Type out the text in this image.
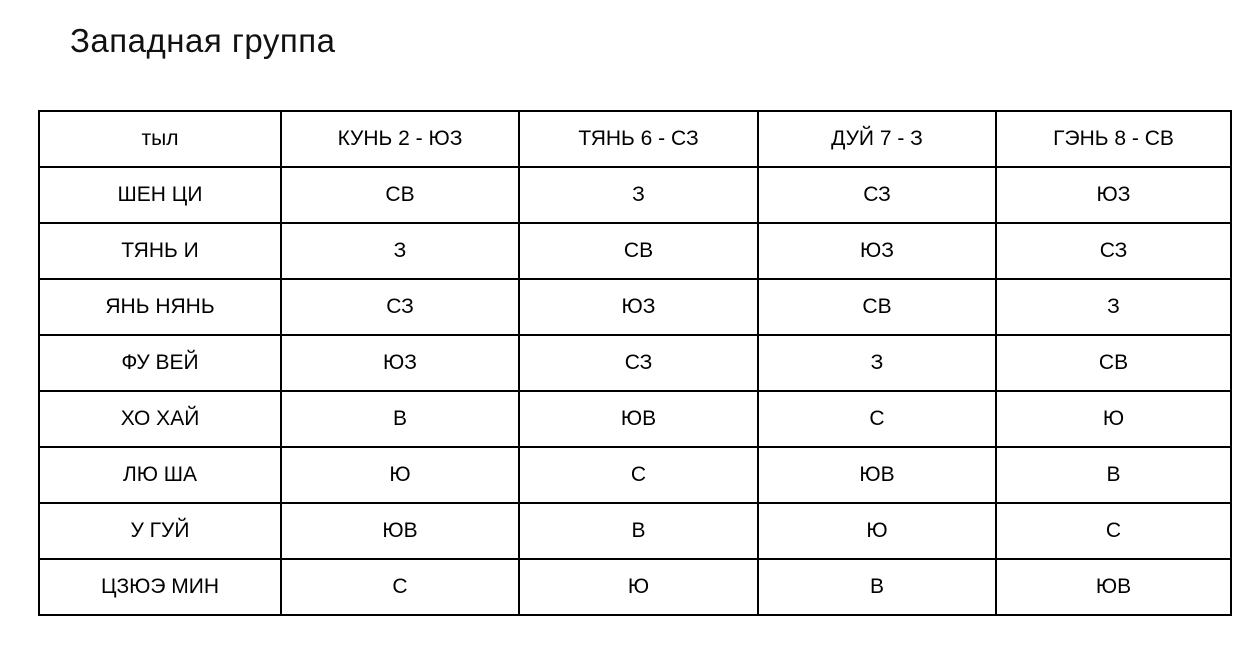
Западная группа
тыл	КУНЬ 2 - ЮЗ	ТЯНЬ 6 - СЗ	ДУЙ 7 - З	ГЭНЬ 8 - СВ
ШЕН ЦИ	СВ	З	СЗ	ЮЗ
ТЯНЬ И	З	СВ	ЮЗ	СЗ
ЯНЬ НЯНЬ	СЗ	ЮЗ	СВ	З
ФУ ВЕЙ	ЮЗ	СЗ	З	СВ
ХО ХАЙ	В	ЮВ	С	Ю
ЛЮ ША	Ю	С	ЮВ	В
У ГУЙ	ЮВ	В	Ю	С
ЦЗЮЭ МИН	С	Ю	В	ЮВ
